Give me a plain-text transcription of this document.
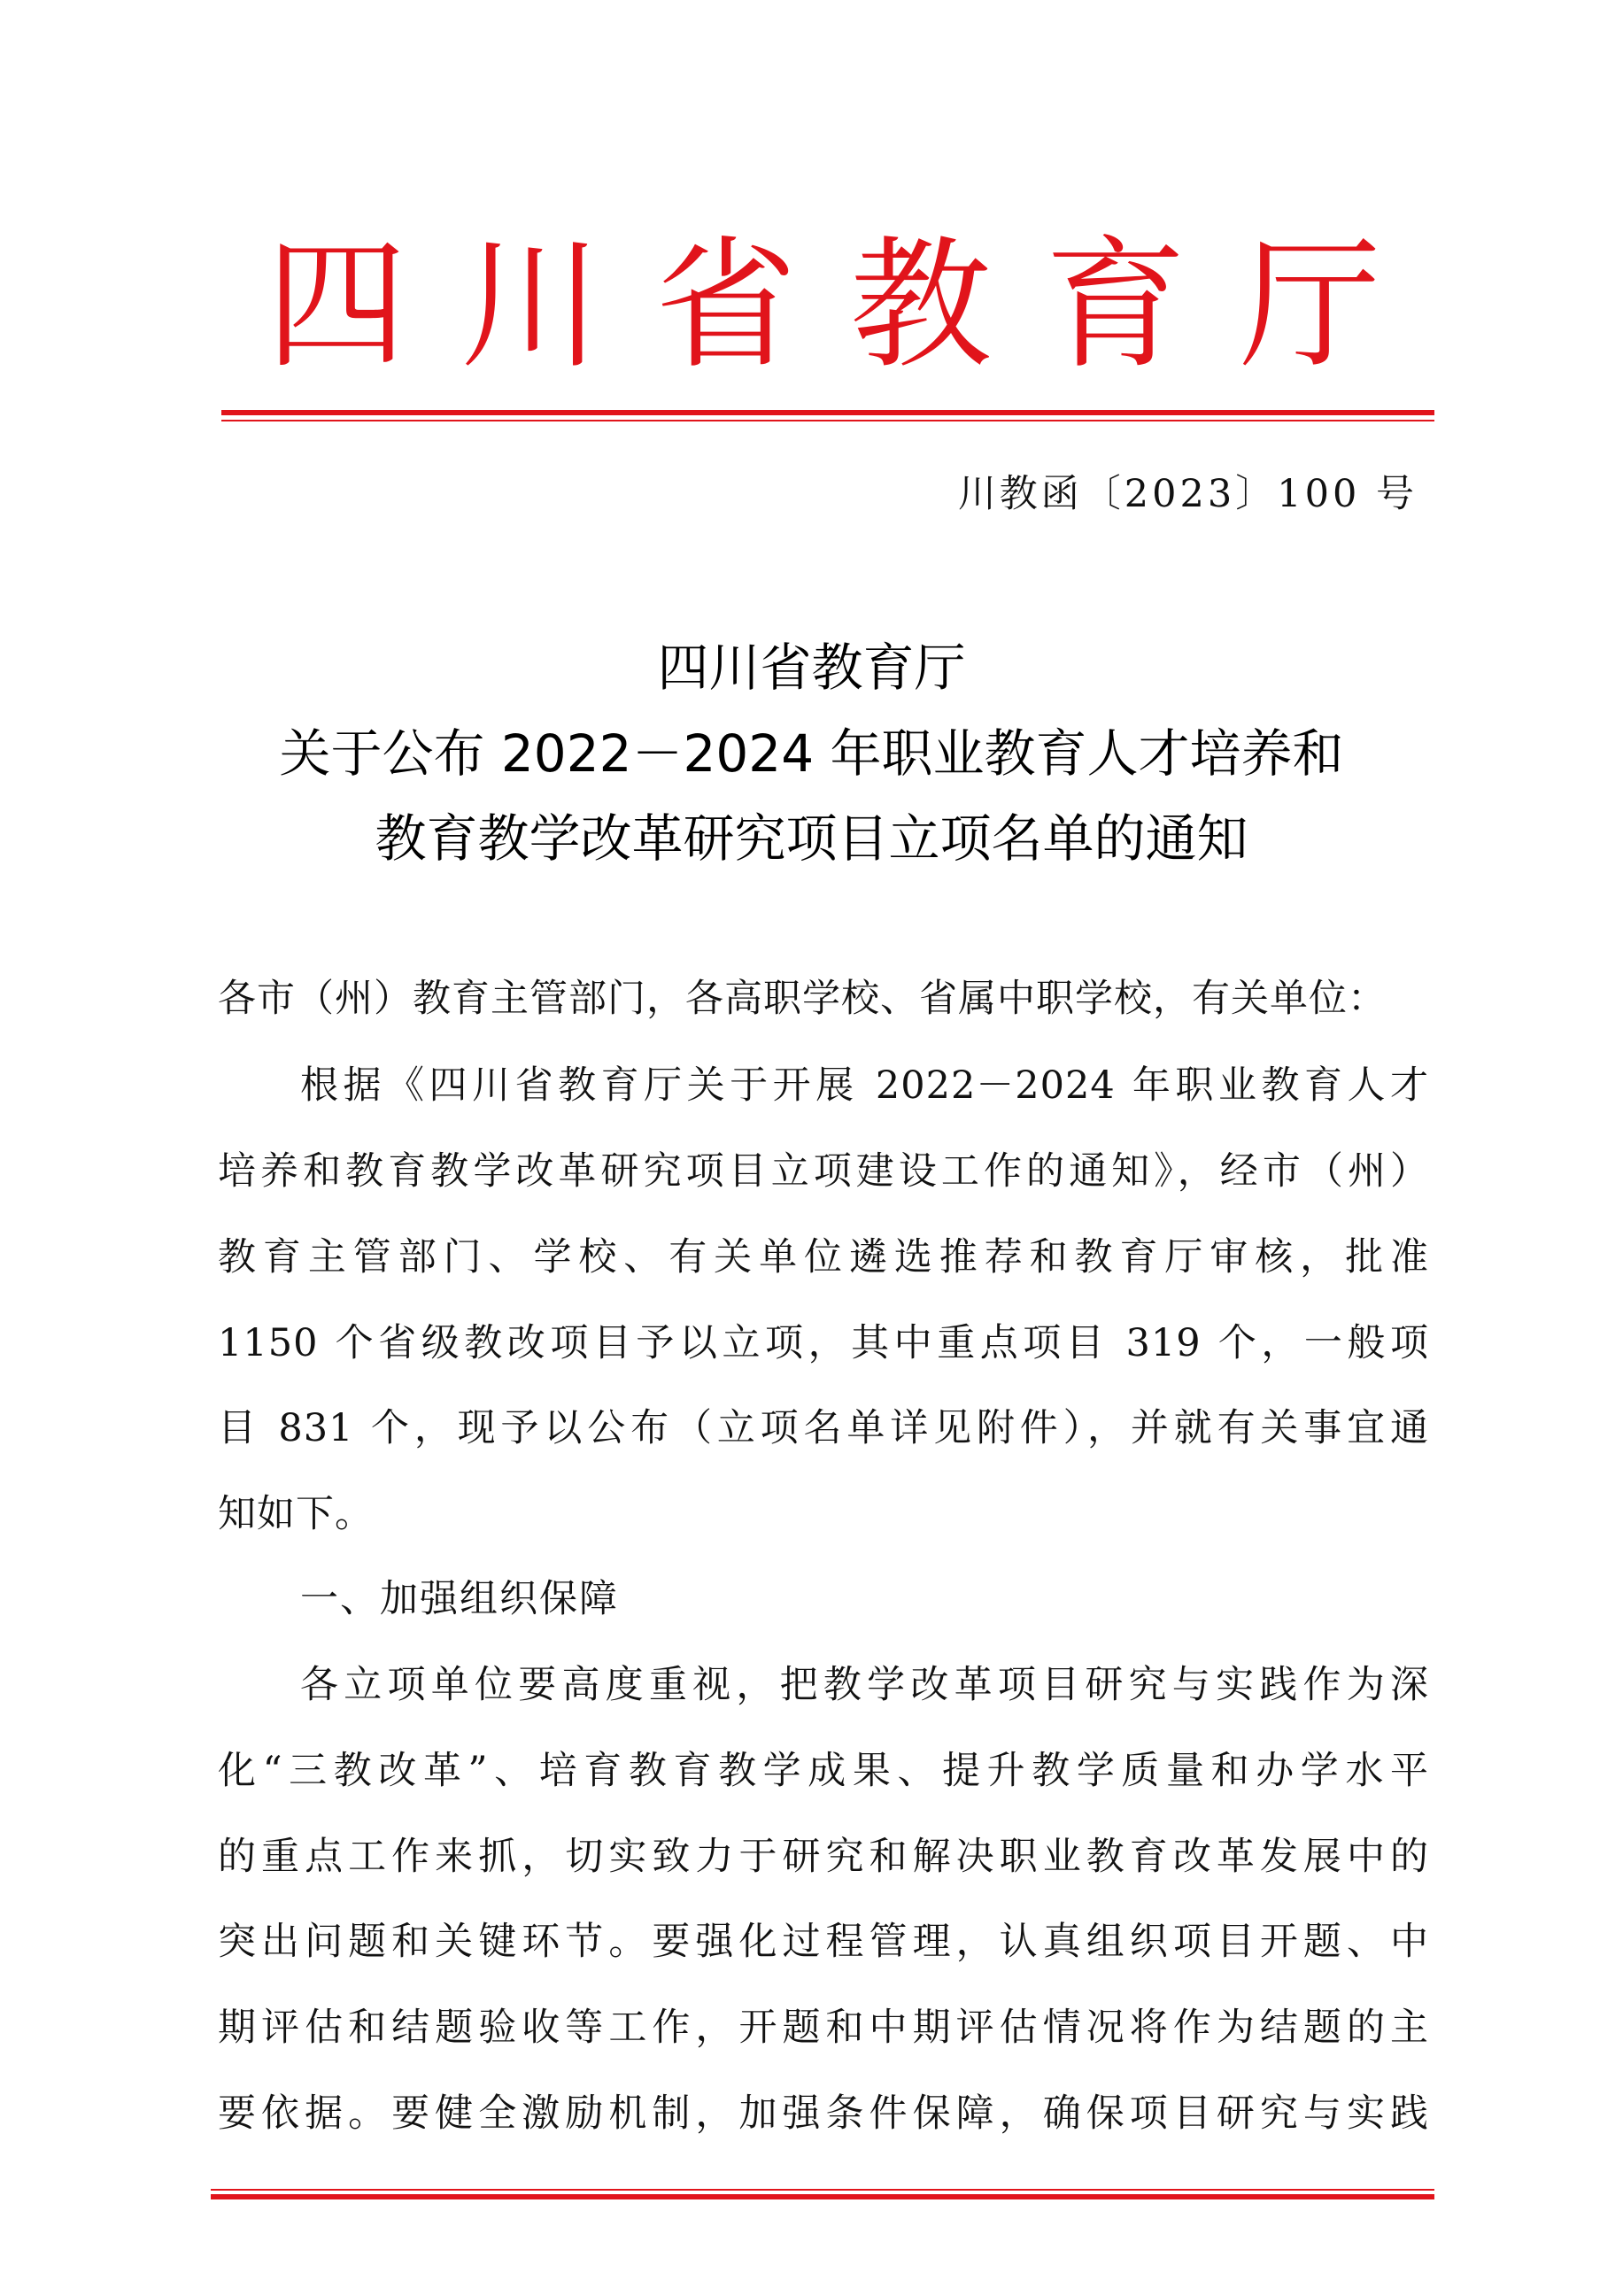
四 川 省 教 育 厅
川教函〔2023〕100 号
四川省教育厅
关于公布 2022－2024 年职业教育人才培养和
教育教学改革研究项目立项名单的通知
各市（州）教育主管部门，各高职学校、省属中职学校，有关单位：
根据《四川省教育厅关于开展 2022－2024 年职业教育人才
培养和教育教学改革研究项目立项建设工作的通知》，经市（州）
教育主管部门、学校、有关单位遴选推荐和教育厅审核，批准
1150 个省级教改项目予以立项，其中重点项目 319 个，一般项
目 831 个，现予以公布（立项名单详见附件），并就有关事宜通
知如下。
一、加强组织保障
各立项单位要高度重视，把教学改革项目研究与实践作为深
化“三教改革”、培育教育教学成果、提升教学质量和办学水平
的重点工作来抓，切实致力于研究和解决职业教育改革发展中的
突出问题和关键环节。要强化过程管理，认真组织项目开题、中
期评估和结题验收等工作，开题和中期评估情况将作为结题的主
要依据。要健全激励机制，加强条件保障，确保项目研究与实践
